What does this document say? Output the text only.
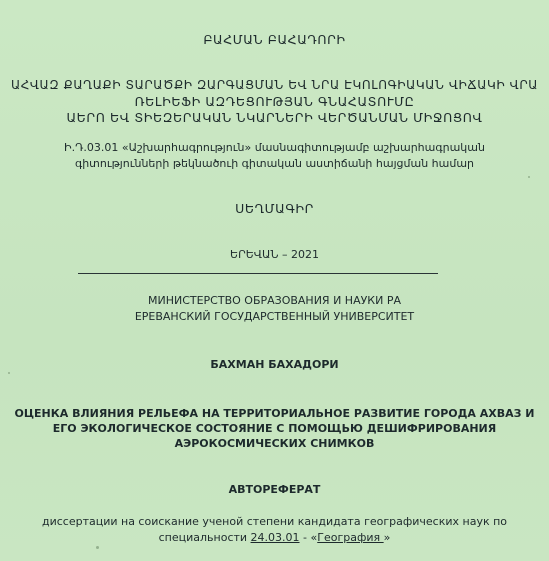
ԲԱՀՄԱՆ ԲԱՀԱԴՈՐԻ
ԱՀՎԱԶ ՔԱՂԱՔԻ ՏԱՐԱԾՔԻ ԶԱՐԳԱՑՄԱՆ ԵՎ ՆՐԱ ԷԿՈԼՈԳԻԱԿԱՆ ՎԻՃԱԿԻ ՎՐԱ
ՌԵԼԻԵՖԻ ԱԶԴԵՑՈՒԹՅԱՆ ԳՆԱՀԱՏՈՒՄԸ
ԱԵՐՈ ԵՎ ՏԻԵԶԵՐԱԿԱՆ ՆԿԱՐՆԵՐԻ ՎԵՐԾԱՆՄԱՆ ՄԻՋՈՑՈՎ
Ի.Դ.03.01 «Աշխարհագրություն» մասնագիտությամբ աշխարհագրական
գիտությունների թեկնածուի գիտական աստիճանի հայցման համար
ՍԵՂՄԱԳԻՐ
ԵՐԵՎԱՆ – 2021
МИНИСТЕРСТВО ОБРАЗОВАНИЯ И НАУКИ РА
ЕРЕВАНСКИЙ ГОСУДАРСТВЕННЫЙ УНИВЕРСИТЕТ
БАХМАН БАХАДОРИ
ОЦЕНКА ВЛИЯНИЯ РЕЛЬЕФА НА ТЕРРИТОРИАЛЬНОЕ РАЗВИТИЕ ГОРОДА АХВАЗ И
ЕГО ЭКОЛОГИЧЕСКОЕ СОСТОЯНИЕ С ПОМОЩЬЮ ДЕШИФРИРОВАНИЯ
АЭРОКОСМИЧЕСКИХ СНИМКОВ
АВТОРЕФЕРАТ
диссертации на соискание ученой степени кандидата географических наук по
специальности 24.03.01 - «География »
